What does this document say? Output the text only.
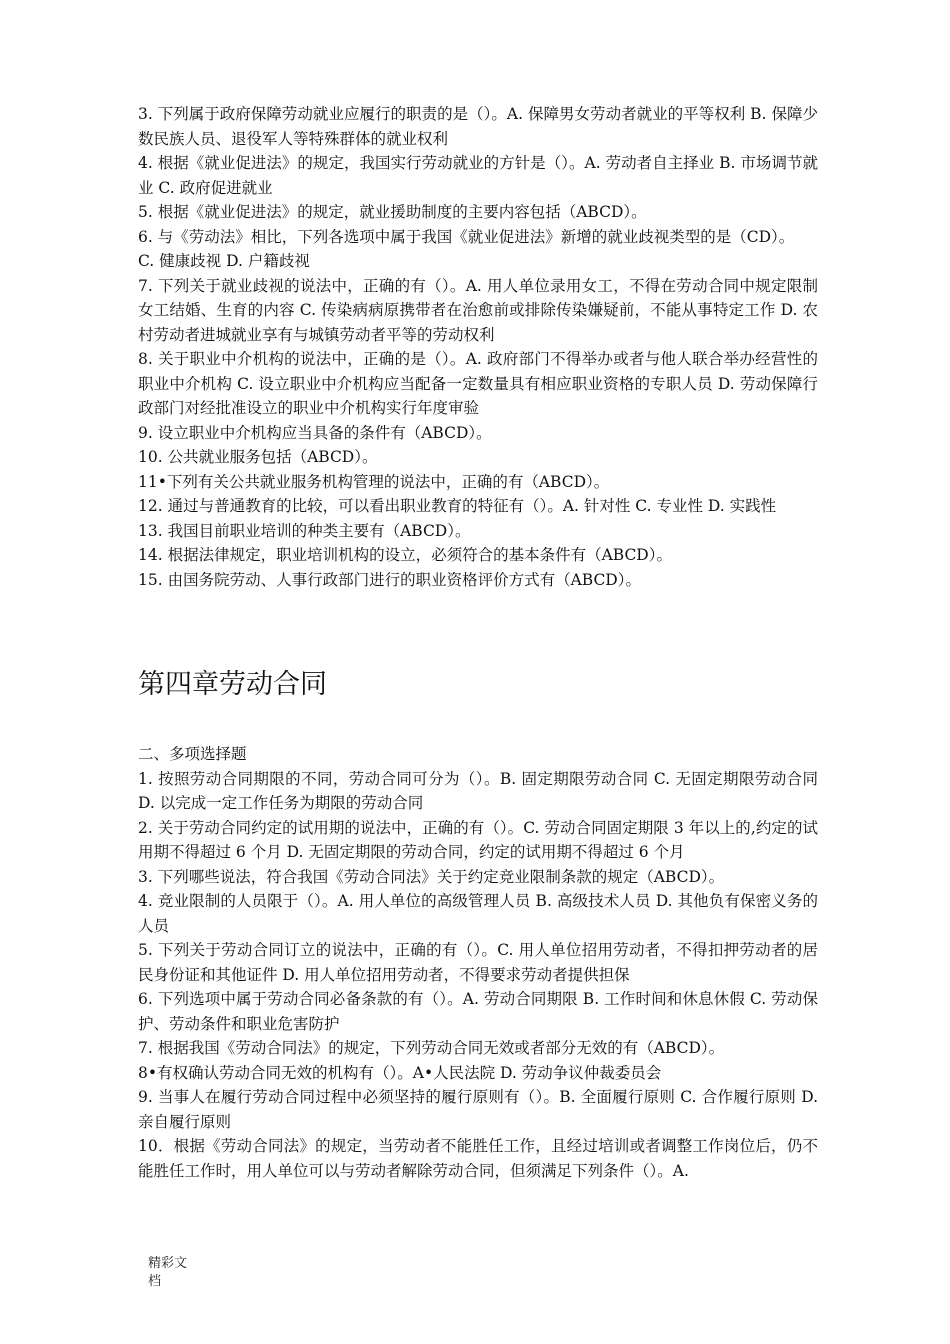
3. 下列属于政府保障劳动就业应履行的职责的是（）。A. 保障男女劳动者就业的平等权利 B. 保障少数民族人员、退役军人等特殊群体的就业权利

4. 根据《就业促进法》的规定，我国实行劳动就业的方针是（）。A. 劳动者自主择业 B. 市场调节就业 C. 政府促进就业

5. 根据《就业促进法》的规定，就业援助制度的主要内容包括（ABCD）。

6. 与《劳动法》相比，下列各选项中属于我国《就业促进法》新增的就业歧视类型的是（CD）。

C. 健康歧视 D. 户籍歧视

7. 下列关于就业歧视的说法中，正确的有（）。A. 用人单位录用女工，不得在劳动合同中规定限制女工结婚、生育的内容 C. 传染病病原携带者在治愈前或排除传染嫌疑前，不能从事特定工作 D. 农村劳动者进城就业享有与城镇劳动者平等的劳动权利

8. 关于职业中介机构的说法中，正确的是（）。A. 政府部门不得举办或者与他人联合举办经营性的职业中介机构 C. 设立职业中介机构应当配备一定数量具有相应职业资格的专职人员 D. 劳动保障行政部门对经批准设立的职业中介机构实行年度审验

9. 设立职业中介机构应当具备的条件有（ABCD）。

10. 公共就业服务包括（ABCD）。

11•下列有关公共就业服务机构管理的说法中，正确的有（ABCD）。

12. 通过与普通教育的比较，可以看出职业教育的特征有（）。A. 针对性 C. 专业性 D. 实践性

13. 我国目前职业培训的种类主要有（ABCD）。

14. 根据法律规定，职业培训机构的设立，必须符合的基本条件有（ABCD）。

15. 由国务院劳动、人事行政部门进行的职业资格评价方式有（ABCD）。

第四章劳动合同

二、多项选择题

1. 按照劳动合同期限的不同，劳动合同可分为（）。B. 固定期限劳动合同 C. 无固定期限劳动合同 D. 以完成一定工作任务为期限的劳动合同

2. 关于劳动合同约定的试用期的说法中，正确的有（）。C. 劳动合同固定期限 3 年以上的,约定的试用期不得超过 6 个月 D. 无固定期限的劳动合同，约定的试用期不得超过 6 个月

3. 下列哪些说法，符合我国《劳动合同法》关于约定竞业限制条款的规定（ABCD）。

4. 竞业限制的人员限于（）。A. 用人单位的高级管理人员 B. 高级技术人员 D. 其他负有保密义务的人员

5. 下列关于劳动合同订立的说法中，正确的有（）。C. 用人单位招用劳动者，不得扣押劳动者的居民身份证和其他证件 D. 用人单位招用劳动者，不得要求劳动者提供担保

6. 下列选项中属于劳动合同必备条款的有（）。A. 劳动合同期限 B. 工作时间和休息休假 C. 劳动保护、劳动条件和职业危害防护

7. 根据我国《劳动合同法》的规定，下列劳动合同无效或者部分无效的有（ABCD）。

8•有权确认劳动合同无效的机构有（）。A•人民法院 D. 劳动争议仲裁委员会

9. 当事人在履行劳动合同过程中必须坚持的履行原则有（）。B. 全面履行原则 C. 合作履行原则 D. 亲自履行原则

10．根据《劳动合同法》的规定，当劳动者不能胜任工作，且经过培训或者调整工作岗位后，仍不能胜任工作时，用人单位可以与劳动者解除劳动合同，但须满足下列条件（）。A.

精彩文
档
